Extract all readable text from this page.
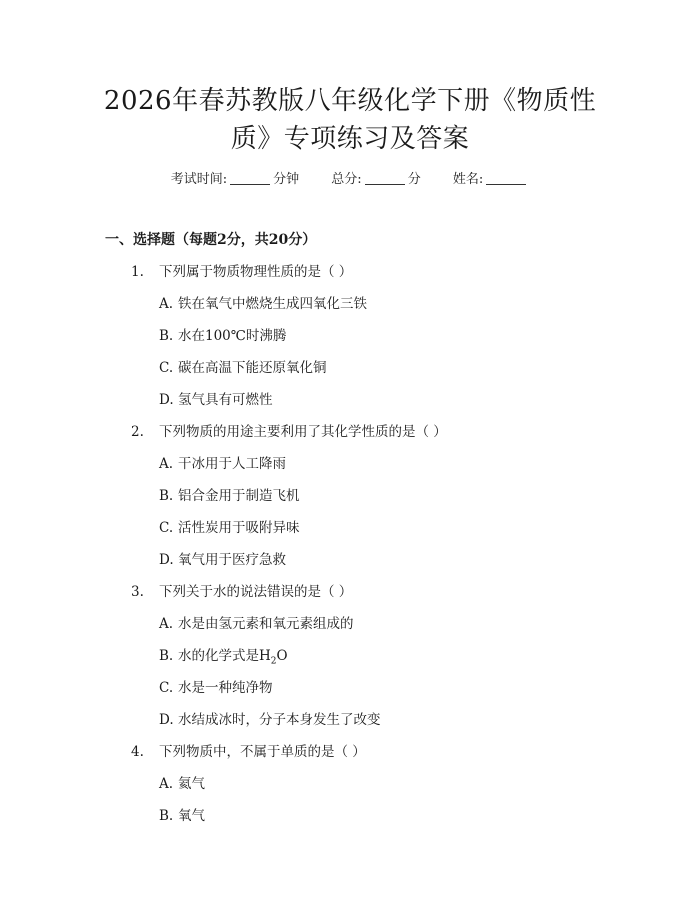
2026年春苏教版八年级化学下册《物质性
质》专项练习及答案
考试时间:	分钟 总分:	分 姓名:
一、选择题（每题2分，共20分）
1. 下列属于物质物理性质的是（ ）
A. 铁在氧气中燃烧生成四氧化三铁
B. 水在100℃时沸腾
C. 碳在高温下能还原氧化铜
D. 氢气具有可燃性
2. 下列物质的用途主要利用了其化学性质的是（ ）
A. 干冰用于人工降雨
B. 铝合金用于制造飞机
C. 活性炭用于吸附异味
D. 氧气用于医疗急救
3. 下列关于水的说法错误的是（ ）
A. 水是由氢元素和氧元素组成的
B. 水的化学式是$H_2O$
C. 水是一种纯净物
D. 水结成冰时，分子本身发生了改变
4. 下列物质中，不属于单质的是（ ）
A. 氦气
B. 氧气
